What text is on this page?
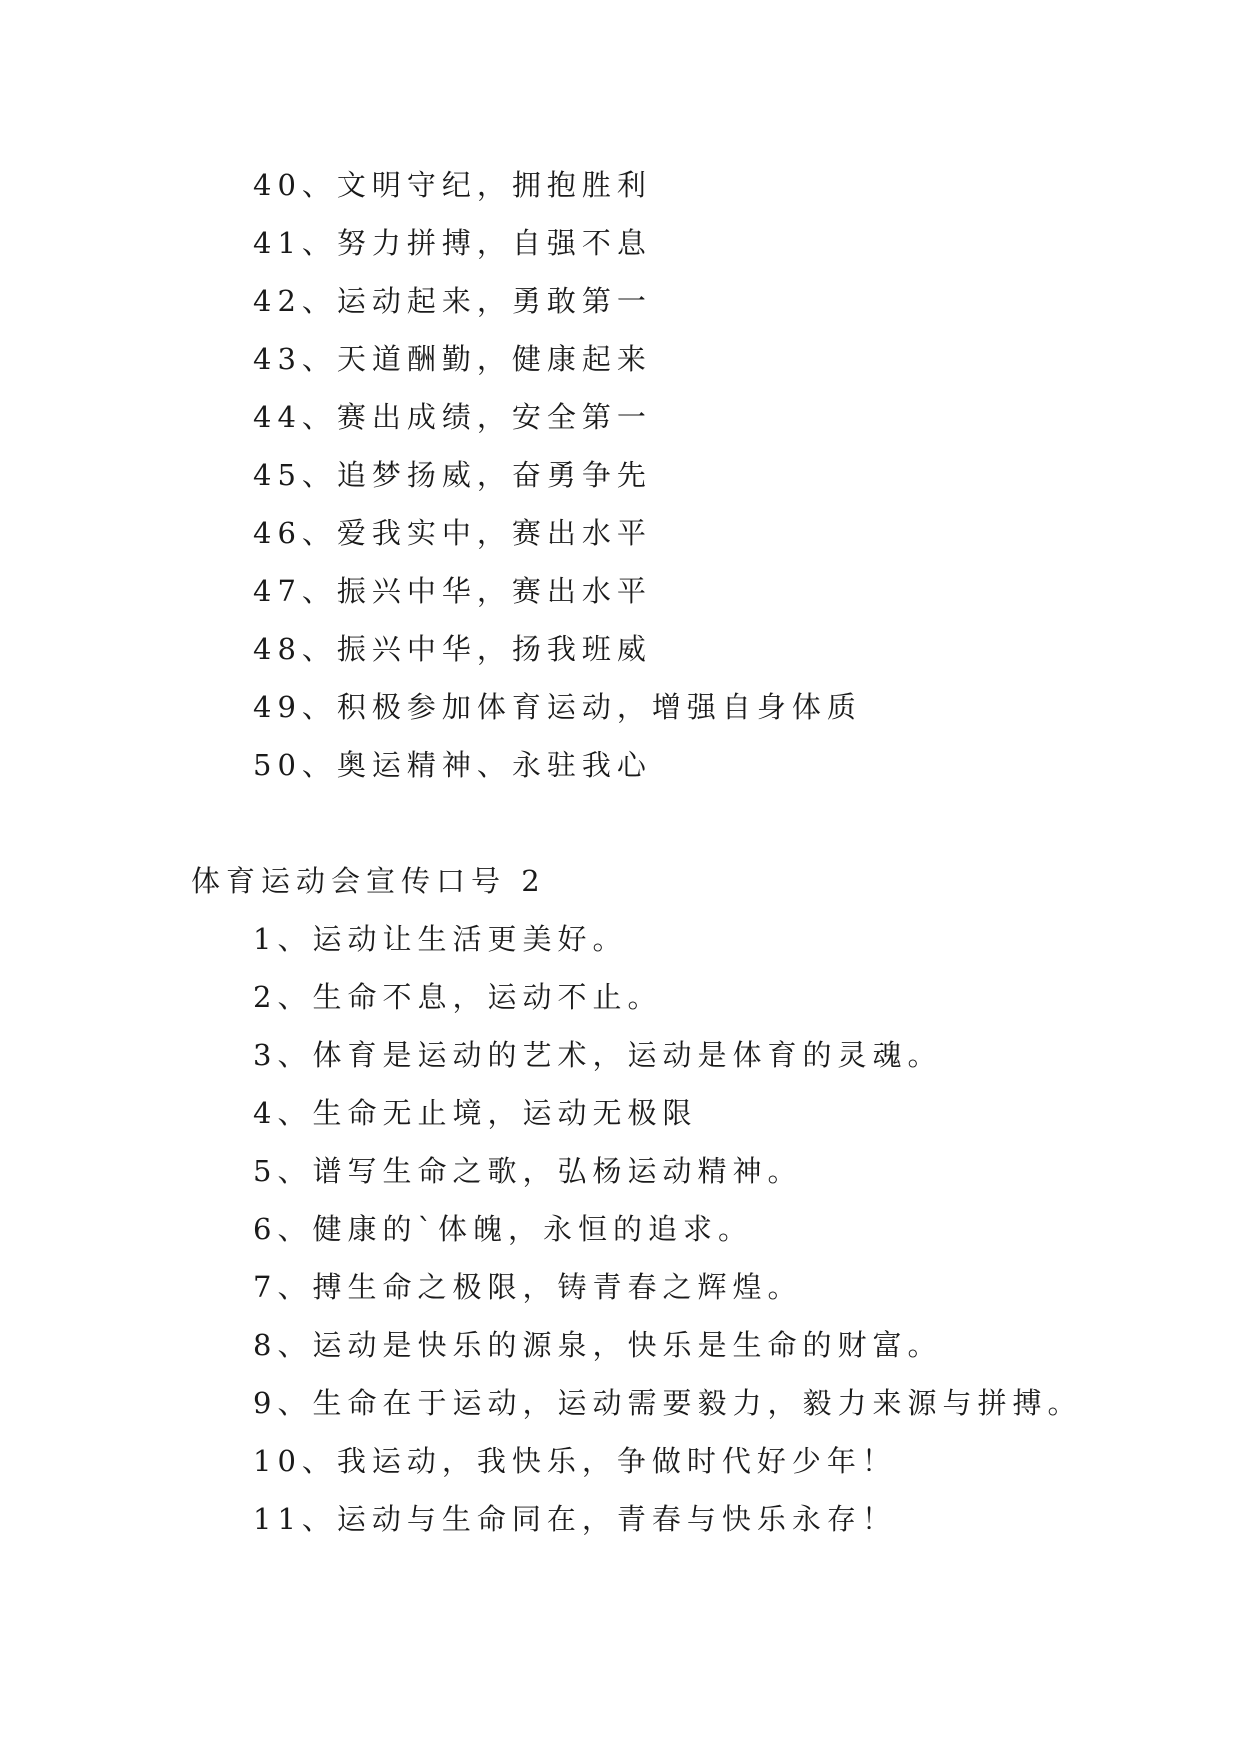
40、文明守纪，拥抱胜利
41、努力拼搏，自强不息
42、运动起来，勇敢第一
43、天道酬勤，健康起来
44、赛出成绩，安全第一
45、追梦扬威，奋勇争先
46、爱我实中，赛出水平
47、振兴中华，赛出水平
48、振兴中华，扬我班威
49、积极参加体育运动，增强自身体质
50、奥运精神、永驻我心
体育运动会宣传口号 2
1、运动让生活更美好。
2、生命不息，运动不止。
3、体育是运动的艺术，运动是体育的灵魂。
4、生命无止境，运动无极限
5、谱写生命之歌，弘杨运动精神。
6、健康的`体魄，永恒的追求。
7、搏生命之极限，铸青春之辉煌。
8、运动是快乐的源泉，快乐是生命的财富。
9、生命在于运动，运动需要毅力，毅力来源与拼搏。
10、我运动，我快乐，争做时代好少年！
11、运动与生命同在，青春与快乐永存！
